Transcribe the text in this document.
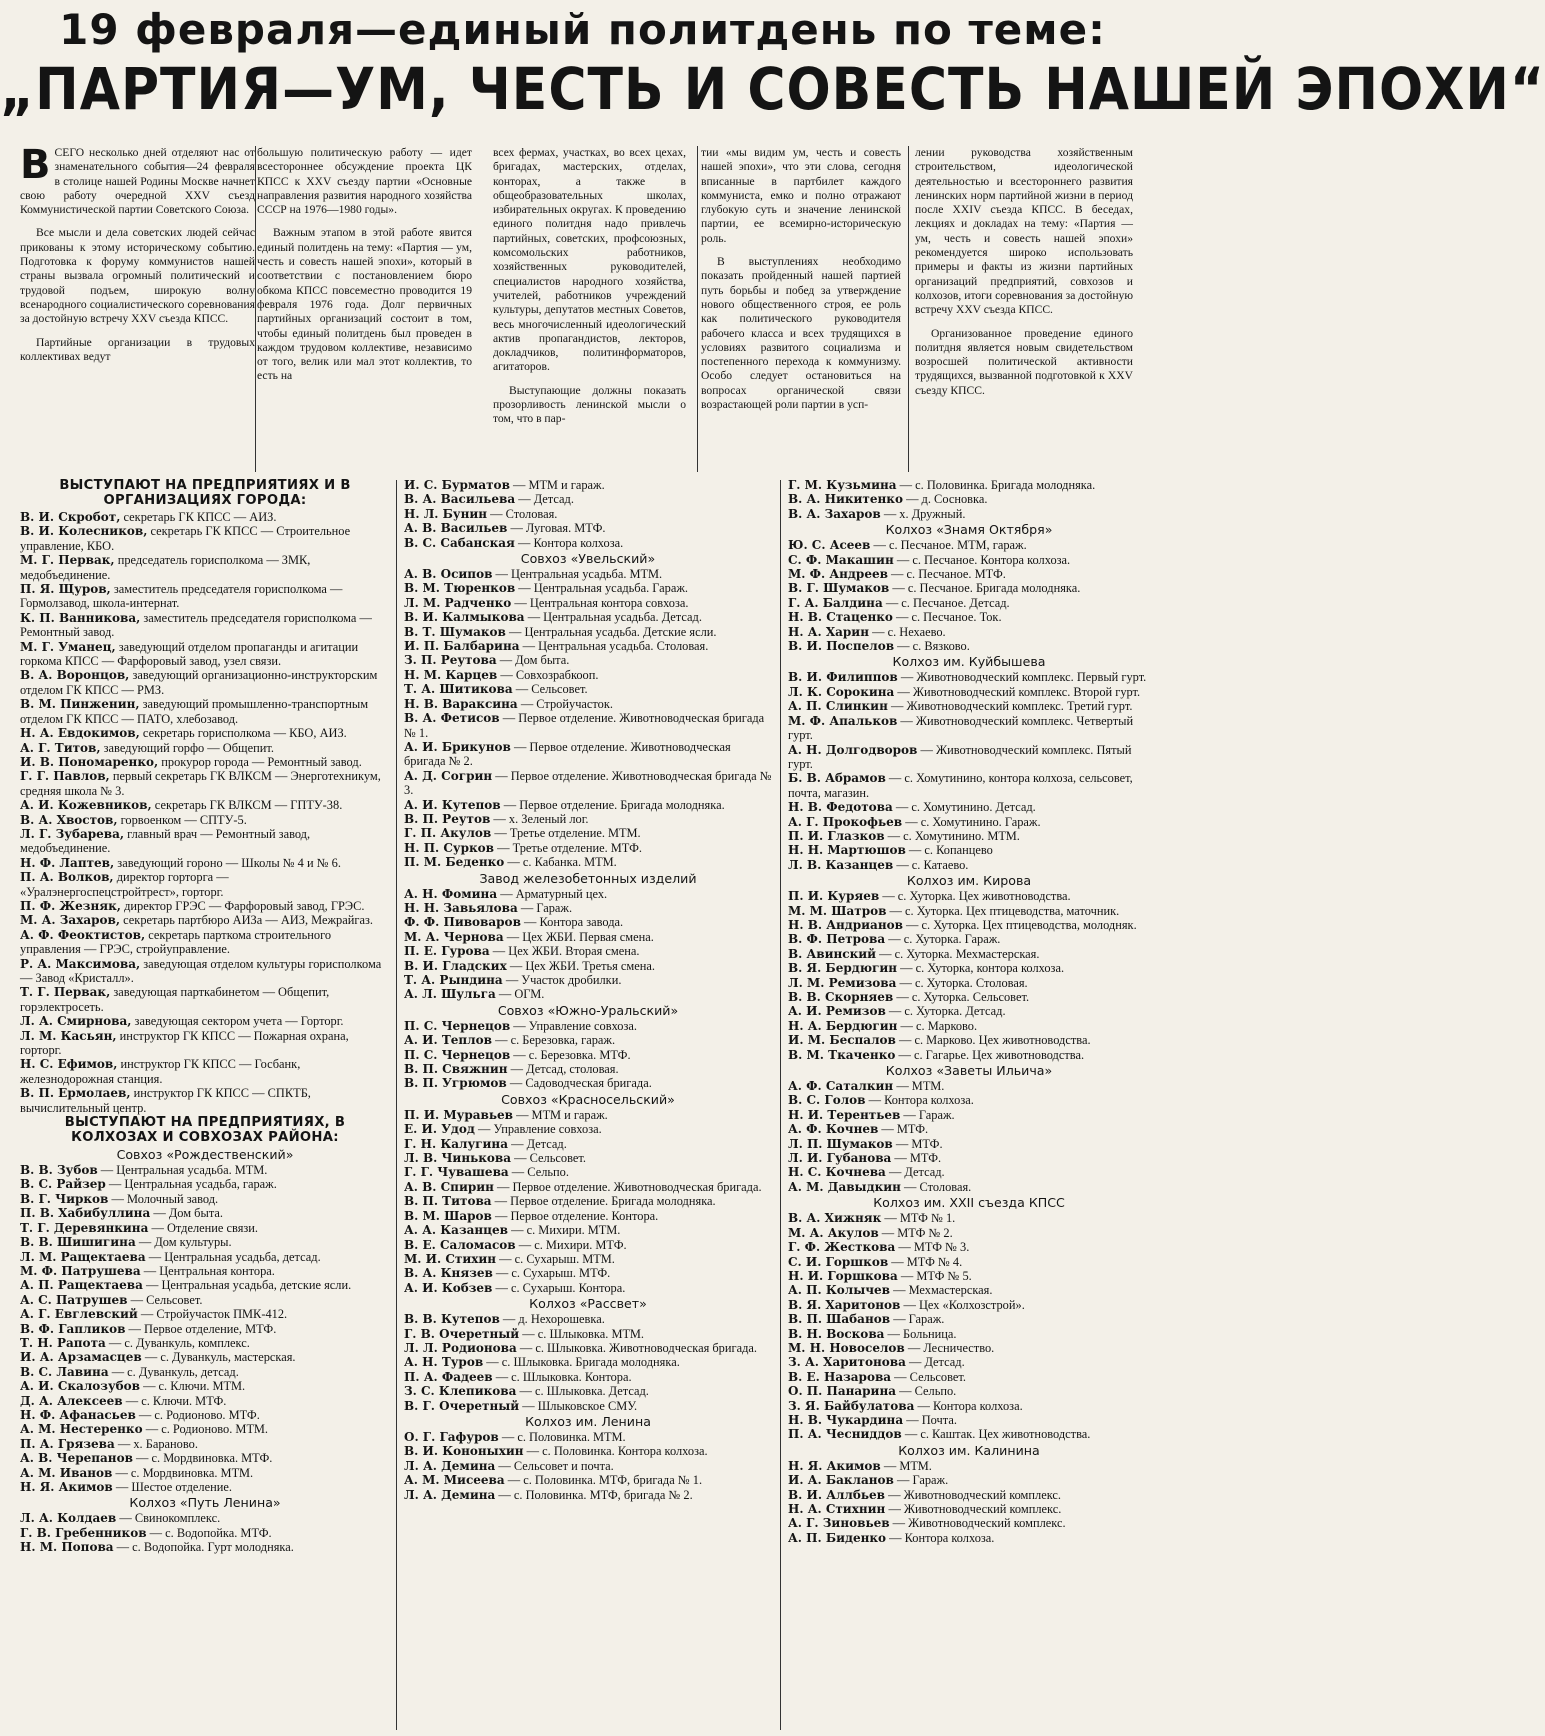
19 февраля—единый политдень по теме:
„ПАРТИЯ—УМ, ЧЕСТЬ И СОВЕСТЬ НАШЕЙ ЭПОХИ“
В СЕГО несколько дней отделяют нас от знаменательного события—24 февраля в столице нашей Родины Москве начнет свою работу очередной XXV съезд Коммунистической партии Советского Союза.

Все мысли и дела советских людей сейчас прикованы к этому историческому событию. Подготовка к форуму коммунистов нашей страны вызвала огромный политический и трудовой подъем, широкую волну всенародного социалистического соревнования за достойную встречу XXV съезда КПСС.

Партийные организации в трудовых коллективах ведут

большую политическую работу — идет всестороннее обсуждение проекта ЦК КПСС к XXV съезду партии «Основные направления развития народного хозяйства СССР на 1976—1980 годы».

Важным этапом в этой работе явится единый политдень на тему: «Партия — ум, честь и совесть нашей эпохи», который в соответствии с постановлением бюро обкома КПСС повсеместно проводится 19 февраля 1976 года. Долг первичных партийных организаций состоит в том, чтобы единый политдень был проведен в каждом трудовом коллективе, независимо от того, велик или мал этот коллектив, то есть на

всех фермах, участках, во всех цехах, бригадах, мастерских, отделах, конторах, а также в общеобразовательных школах, избирательных округах. К проведению единого политдня надо привлечь партийных, советских, профсоюзных, комсомольских работников, хозяйственных руководителей, специалистов народного хозяйства, учителей, работников учреждений культуры, депутатов местных Советов, весь многочисленный идеологический актив пропагандистов, лекторов, докладчиков, политинформаторов, агитаторов.

Выступающие должны показать прозорливость ленинской мысли о том, что в пар-

тии «мы видим ум, честь и совесть нашей эпохи», что эти слова, сегодня вписанные в партбилет каждого коммуниста, емко и полно отражают глубокую суть и значение ленинской партии, ее всемирно-историческую роль.

В выступлениях необходимо показать пройденный нашей партией путь борьбы и побед за утверждение нового общественного строя, ее роль как политического руководителя рабочего класса и всех трудящихся в условиях развитого социализма и постепенного перехода к коммунизму. Особо следует остановиться на вопросах органической связи возрастающей роли партии в усп-

лении руководства хозяйственным строительством, идеологической деятельностью и всестороннего развития ленинских норм партийной жизни в период после XXIV съезда КПСС. В беседах, лекциях и докладах на тему: «Партия — ум, честь и совесть нашей эпохи» рекомендуется широко использовать примеры и факты из жизни партийных организаций предприятий, совхозов и колхозов, итоги соревнования за достойную встречу XXV съезда КПСС.

Организованное проведение единого политдня является новым свидетельством возросшей политической активности трудящихся, вызванной подготовкой к XXV съезду КПСС.

ВЫСТУПАЮТ НА ПРЕДПРИЯТИЯХ И В ОРГАНИЗАЦИЯХ ГОРОДА:
В. И. Скробот, секретарь ГК КПСС — АИЗ.
В. И. Колесников, секретарь ГК КПСС — Строительное управление, КБО.
М. Г. Первак, председатель горисполкома — ЗМК, медобъединение.
П. Я. Щуров, заместитель председателя горисполкома — Гормолзавод, школа-интернат.
К. П. Ванникова, заместитель председателя горисполкома — Ремонтный завод.
М. Г. Уманец, заведующий отделом пропаганды и агитации горкома КПСС — Фарфоровый завод, узел связи.
В. А. Воронцов, заведующий организационно-инструкторским отделом ГК КПСС — РМЗ.
В. М. Пинженин, заведующий промышленно-транспортным отделом ГК КПСС — ПАТО, хлебозавод.
Н. А. Евдокимов, секретарь горисполкома — КБО, АИЗ.
А. Г. Титов, заведующий горфо — Общепит.
И. В. Пономаренко, прокурор города — Ремонтный завод.
Г. Г. Павлов, первый секретарь ГК ВЛКСМ — Энерготехникум, средняя школа № 3.
А. И. Кожевников, секретарь ГК ВЛКСМ — ГПТУ-38.
В. А. Хвостов, горвоенком — СПТУ-5.
Л. Г. Зубарева, главный врач — Ремонтный завод, медобъединение.
Н. Ф. Лаптев, заведующий гороно — Школы № 4 и № 6.
П. А. Волков, директор горторга — «Уралэнергоспецстройтрест», горторг.
П. Ф. Жезняк, директор ГРЭС — Фарфоровый завод, ГРЭС.
М. А. Захаров, секретарь партбюро АИЗа — АИЗ, Межрайгаз.
А. Ф. Феоктистов, секретарь парткома строительного управления — ГРЭС, стройуправление.
Р. А. Максимова, заведующая отделом культуры горисполкома — Завод «Кристалл».
Т. Г. Первак, заведующая парткабинетом — Общепит, горэлектросеть.
Л. А. Смирнова, заведующая сектором учета — Горторг.
Л. М. Касьян, инструктор ГК КПСС — Пожарная охрана, горторг.
Н. С. Ефимов, инструктор ГК КПСС — Госбанк, железнодорожная станция.
В. П. Ермолаев, инструктор ГК КПСС — СПКТБ, вычислительный центр.
ВЫСТУПАЮТ НА ПРЕДПРИЯТИЯХ, В КОЛХОЗАХ И СОВХОЗАХ РАЙОНА:
Совхоз «Рождественский»
В. В. Зубов — Центральная усадьба. МТМ.
В. С. Райзер — Центральная усадьба, гараж.
В. Г. Чирков — Молочный завод.
П. В. Хабибуллина — Дом быта.
Т. Г. Деревянкина — Отделение связи.
В. В. Шишигина — Дом культуры.
Л. М. Ращектаева — Центральная усадьба, детсад.
М. Ф. Патрушева — Центральная контора.
А. П. Ращектаева — Центральная усадьба, детские ясли.
А. С. Патрушев — Сельсовет.
А. Г. Евглевский — Стройучасток ПМК-412.
В. Ф. Гапликов — Первое отделение, МТФ.
Т. Н. Рапота — с. Дуванкуль, комплекс.
И. А. Арзамасцев — с. Дуванкуль, мастерская.
В. С. Лавина — с. Дуванкуль, детсад.
А. И. Скалозубов — с. Ключи. МТМ.
Д. А. Алексеев — с. Ключи. МТФ.
Н. Ф. Афанасьев — с. Родионово. МТФ.
А. М. Нестеренко — с. Родионово. МТМ.
П. А. Грязева — х. Бараново.
А. В. Черепанов — с. Мордвиновка. МТФ.
А. М. Иванов — с. Мордвиновка. МТМ.
Н. Я. Акимов — Шестое отделение.
Колхоз «Путь Ленина»
Л. А. Колдаев — Свинокомплекс.
Г. В. Гребенников — с. Водопойка. МТФ.
Н. М. Попова — с. Водопойка. Гурт молодняка.
И. С. Бурматов — МТМ и гараж.
В. А. Васильева — Детсад.
Н. Л. Бунин — Столовая.
А. В. Васильев — Луговая. МТФ.
В. С. Сабанская — Контора колхоза.
Совхоз «Увельский»
А. В. Осипов — Центральная усадьба. МТМ.
В. М. Тюренков — Центральная усадьба. Гараж.
Л. М. Радченко — Центральная контора совхоза.
В. И. Калмыкова — Центральная усадьба. Детсад.
В. Т. Шумаков — Центральная усадьба. Детские ясли.
И. П. Балбарина — Центральная усадьба. Столовая.
З. П. Реутова — Дом быта.
Н. М. Карцев — Совхозрабкооп.
Т. А. Шитикова — Сельсовет.
Н. В. Вараксина — Стройучасток.
В. А. Фетисов — Первое отделение. Животноводческая бригада № 1.
А. И. Брикунов — Первое отделение. Животноводческая бригада № 2.
А. Д. Согрин — Первое отделение. Животноводческая бригада № 3.
А. И. Кутепов — Первое отделение. Бригада молодняка.
В. П. Реутов — х. Зеленый лог.
Г. П. Акулов — Третье отделение. МТМ.
Н. П. Сурков — Третье отделение. МТФ.
П. М. Беденко — с. Кабанка. МТМ.
Завод железобетонных изделий
А. Н. Фомина — Арматурный цех.
Н. Н. Завьялова — Гараж.
Ф. Ф. Пивоваров — Контора завода.
М. А. Чернова — Цех ЖБИ. Первая смена.
П. Е. Гурова — Цех ЖБИ. Вторая смена.
В. И. Гладских — Цех ЖБИ. Третья смена.
Т. А. Рындина — Участок дробилки.
А. Л. Шульга — ОГМ.
Совхоз «Южно-Уральский»
П. С. Чернецов — Управление совхоза.
А. И. Теплов — с. Березовка, гараж.
П. С. Чернецов — с. Березовка. МТФ.
В. П. Свяжнин — Детсад, столовая.
В. П. Угрюмов — Садоводческая бригада.
Совхоз «Красносельский»
П. И. Муравьев — МТМ и гараж.
Е. И. Удод — Управление совхоза.
Г. Н. Калугина — Детсад.
Л. В. Чинькова — Сельсовет.
Г. Г. Чувашева — Сельпо.
А. В. Спирин — Первое отделение. Животноводческая бригада.
В. П. Титова — Первое отделение. Бригада молодняка.
В. М. Шаров — Первое отделение. Контора.
А. А. Казанцев — с. Михири. МТМ.
В. Е. Саломасов — с. Михири. МТФ.
М. И. Стихин — с. Сухарыш. МТМ.
В. А. Князев — с. Сухарыш. МТФ.
А. И. Кобзев — с. Сухарыш. Контора.
Колхоз «Рассвет»
В. В. Кутепов — д. Нехорошевка.
Г. В. Очеретный — с. Шлыковка. МТМ.
Л. Л. Родионова — с. Шлыковка. Животноводческая бригада.
А. Н. Туров — с. Шлыковка. Бригада молодняка.
П. А. Фадеев — с. Шлыковка. Контора.
З. С. Клепикова — с. Шлыковка. Детсад.
В. Г. Очеретный — Шлыковское СМУ.
Колхоз им. Ленина
О. Г. Гафуров — с. Половинка. МТМ.
В. И. Кононыхин — с. Половинка. Контора колхоза.
Л. А. Демина — Сельсовет и почта.
А. М. Мисеева — с. Половинка. МТФ, бригада № 1.
Л. А. Демина — с. Половинка. МТФ, бригада № 2.
Г. М. Кузьмина — с. Половинка. Бригада молодняка.
В. А. Никитенко — д. Сосновка.
В. А. Захаров — х. Дружный.
Колхоз «Знамя Октября»
Ю. С. Асеев — с. Песчаное. МТМ, гараж.
С. Ф. Макашин — с. Песчаное. Контора колхоза.
М. Ф. Андреев — с. Песчаное. МТФ.
В. Г. Шумаков — с. Песчаное. Бригада молодняка.
Г. А. Балдина — с. Песчаное. Детсад.
Н. В. Стаценко — с. Песчаное. Ток.
Н. А. Харин — с. Нехаево.
В. И. Поспелов — с. Вязково.
Колхоз им. Куйбышева
В. И. Филиппов — Животноводческий комплекс. Первый гурт.
Л. К. Сорокина — Животноводческий комплекс. Второй гурт.
А. П. Слинкин — Животноводческий комплекс. Третий гурт.
М. Ф. Апальков — Животноводческий комплекс. Четвертый гурт.
А. Н. Долгодворов — Животноводческий комплекс. Пятый гурт.
Б. В. Абрамов — с. Хомутинино, контора колхоза, сельсовет, почта, магазин.
Н. В. Федотова — с. Хомутинино. Детсад.
А. Г. Прокофьев — с. Хомутинино. Гараж.
П. И. Глазков — с. Хомутинино. МТМ.
Н. Н. Мартюшов — с. Копанцево
Л. В. Казанцев — с. Катаево.
Колхоз им. Кирова
П. И. Куряев — с. Хуторка. Цех животноводства.
М. М. Шатров — с. Хуторка. Цех птицеводства, маточник.
Н. В. Андрианов — с. Хуторка. Цех птицеводства, молодняк.
В. Ф. Петрова — с. Хуторка. Гараж.
В. Авинский — с. Хуторка. Мехмастерская.
В. Я. Бердюгин — с. Хуторка, контора колхоза.
Л. М. Ремизова — с. Хуторка. Столовая.
В. В. Скорняев — с. Хуторка. Сельсовет.
А. И. Ремизов — с. Хуторка. Детсад.
Н. А. Бердюгин — с. Марково.
И. М. Беспалов — с. Марково. Цех животноводства.
В. М. Ткаченко — с. Гагарье. Цех животноводства.
Колхоз «Заветы Ильича»
А. Ф. Саталкин — МТМ.
В. С. Голов — Контора колхоза.
Н. И. Терентьев — Гараж.
А. Ф. Кочнев — МТФ.
Л. П. Шумаков — МТФ.
Л. И. Губанова — МТФ.
Н. С. Кочнева — Детсад.
А. М. Давыдкин — Столовая.
Колхоз им. XXII съезда КПСС
В. А. Хижняк — МТФ № 1.
М. А. Акулов — МТФ № 2.
Г. Ф. Жесткова — МТФ № 3.
С. И. Горшков — МТФ № 4.
Н. И. Горшкова — МТФ № 5.
А. П. Колычев — Мехмастерская.
В. Я. Харитонов — Цех «Колхозстрой».
В. П. Шабанов — Гараж.
В. Н. Воскова — Больница.
М. Н. Новоселов — Лесничество.
З. А. Харитонова — Детсад.
В. Е. Назарова — Сельсовет.
О. П. Панарина — Сельпо.
З. Я. Байбулатова — Контора колхоза.
Н. В. Чукардина — Почта.
П. А. Чесниддов — с. Каштак. Цех животноводства.
Колхоз им. Калинина
Н. Я. Акимов — МТМ.
И. А. Бакланов — Гараж.
В. И. Аллбьев — Животноводческий комплекс.
Н. А. Стихнин — Животноводческий комплекс.
А. Г. Зиновьев — Животноводческий комплекс.
А. П. Биденко — Контора колхоза.
